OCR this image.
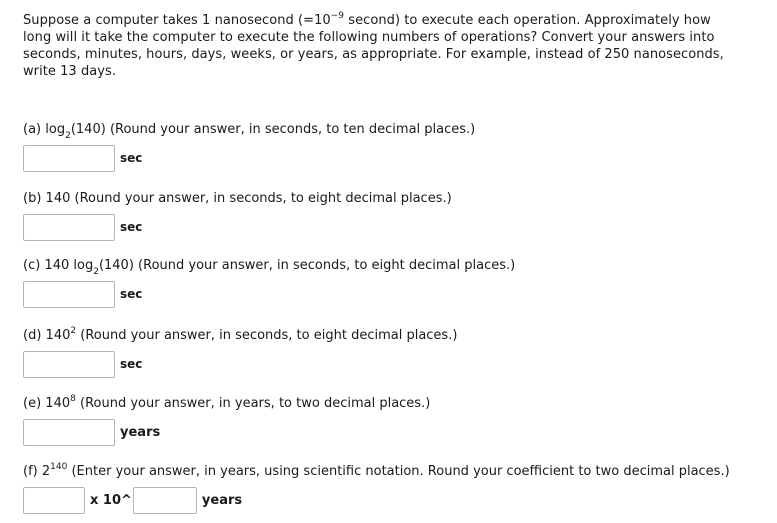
Suppose a computer takes 1 nanosecond ($=10^{-9}$ second) to execute each operation. Approximately how long will it take the computer to execute the following numbers of operations? Convert your answers into seconds, minutes, hours, days, weeks, or years, as appropriate. For example, instead of 250 nanoseconds, write 13 days.
(a) $\log_2(140)$ (Round your answer, in seconds, to ten decimal places.)
sec
(b) 140 (Round your answer, in seconds, to eight decimal places.)
sec
(c) 140 $\log_2(140)$ (Round your answer, in seconds, to eight decimal places.)
sec
(d) $140^2$ (Round your answer, in seconds, to eight decimal places.)
sec
(e) $140^8$ (Round your answer, in years, to two decimal places.)
years
(f) $2^{140}$ (Enter your answer, in years, using scientific notation. Round your coefficient to two decimal places.)
x 10^	years
